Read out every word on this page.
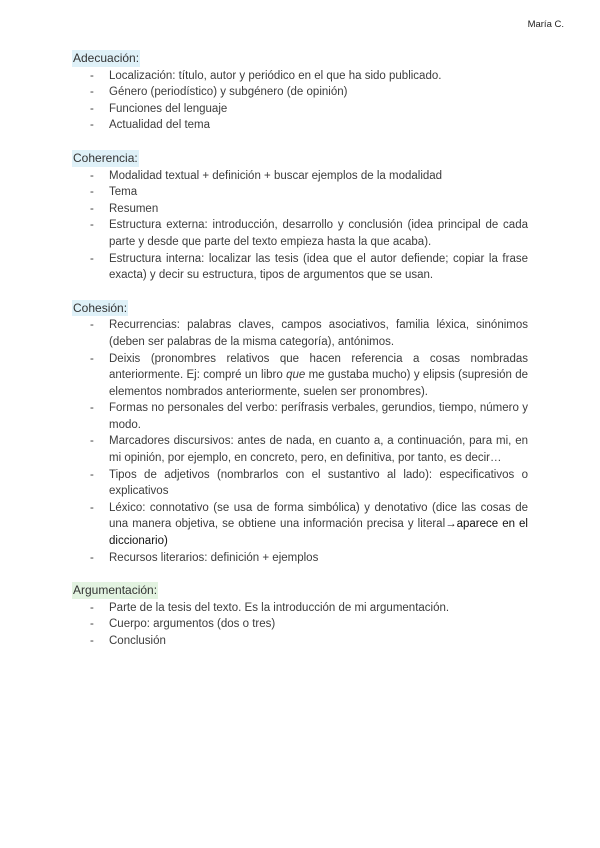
María C.
Adecuación:
- Localización: título, autor y periódico en el que ha sido publicado.
- Género (periodístico) y subgénero (de opinión)
- Funciones del lenguaje
- Actualidad del tema
Coherencia:
- Modalidad textual + definición + buscar ejemplos de la modalidad
- Tema
- Resumen
- Estructura externa: introducción, desarrollo y conclusión (idea principal de cada parte y desde que parte del texto empieza hasta la que acaba).
- Estructura interna: localizar las tesis (idea que el autor defiende; copiar la frase exacta) y decir su estructura, tipos de argumentos que se usan.
Cohesión:
- Recurrencias: palabras claves, campos asociativos, familia léxica, sinónimos (deben ser palabras de la misma categoría), antónimos.
- Deixis (pronombres relativos que hacen referencia a cosas nombradas anteriormente. Ej: compré un libro que me gustaba mucho) y elipsis (supresión de elementos nombrados anteriormente, suelen ser pronombres).
- Formas no personales del verbo: perífrasis verbales, gerundios, tiempo, número y modo.
- Marcadores discursivos: antes de nada, en cuanto a, a continuación, para mi, en mi opinión, por ejemplo, en concreto, pero, en definitiva, por tanto, es decir…
- Tipos de adjetivos (nombrarlos con el sustantivo al lado): especificativos o explicativos
- Léxico: connotativo (se usa de forma simbólica) y denotativo (dice las cosas de una manera objetiva, se obtiene una información precisa y literal→aparece en el diccionario)
- Recursos literarios: definición + ejemplos
Argumentación:
- Parte de la tesis del texto. Es la introducción de mi argumentación.
- Cuerpo: argumentos (dos o tres)
- Conclusión
